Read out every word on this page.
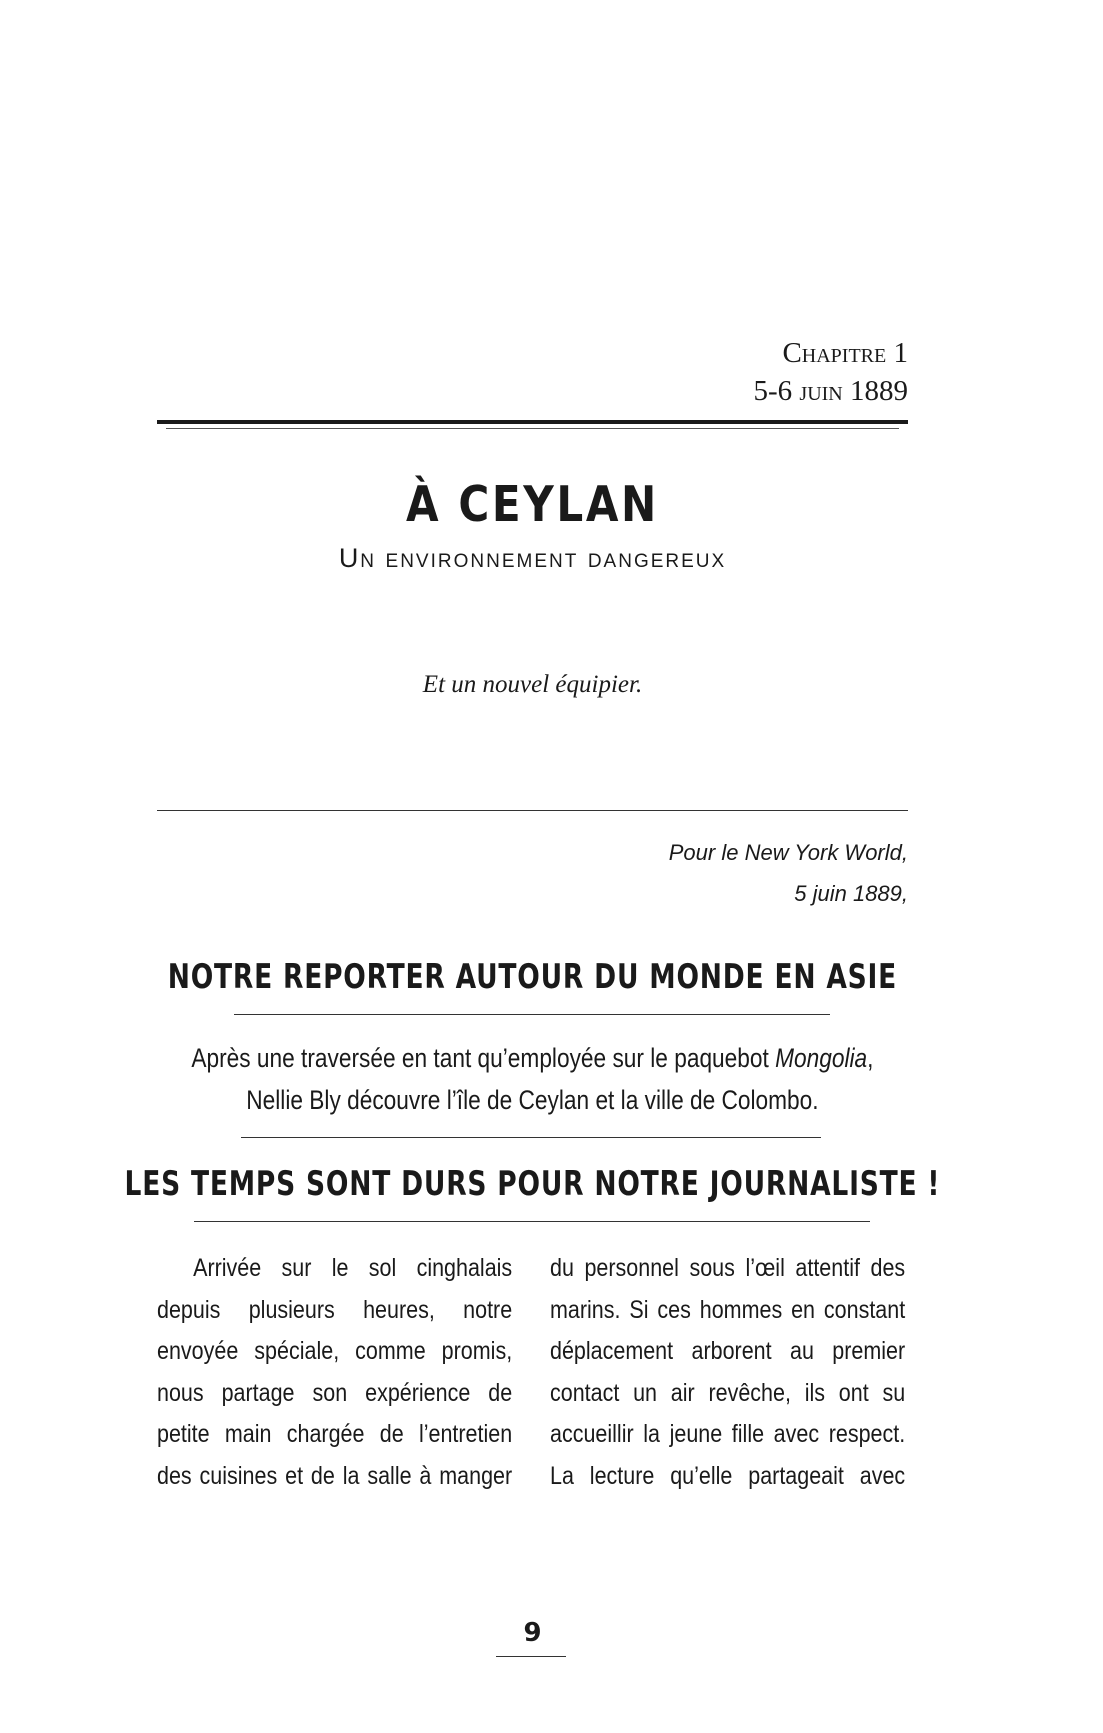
Chapitre 1
5-6 juin 1889
À CEYLAN
Un environnement dangereux
Et un nouvel équipier.
Pour le New York World,
5 juin 1889,
NOTRE REPORTER AUTOUR DU MONDE EN ASIE
Après une traversée en tant qu’employée sur le paquebot Mongolia,
Nellie Bly découvre l’île de Ceylan et la ville de Colombo.
LES TEMPS SONT DURS POUR NOTRE JOURNALISTE !
Arrivée sur le sol cinghalais
depuis plusieurs heures, notre
envoyée spéciale, comme promis,
nous partage son expérience de
petite main chargée de l’entretien
des cuisines et de la salle à manger
du personnel sous l’œil attentif des
marins. Si ces hommes en constant
déplacement arborent au premier
contact un air revêche, ils ont su
accueillir la jeune fille avec respect.
La lecture qu’elle partageait avec
9
